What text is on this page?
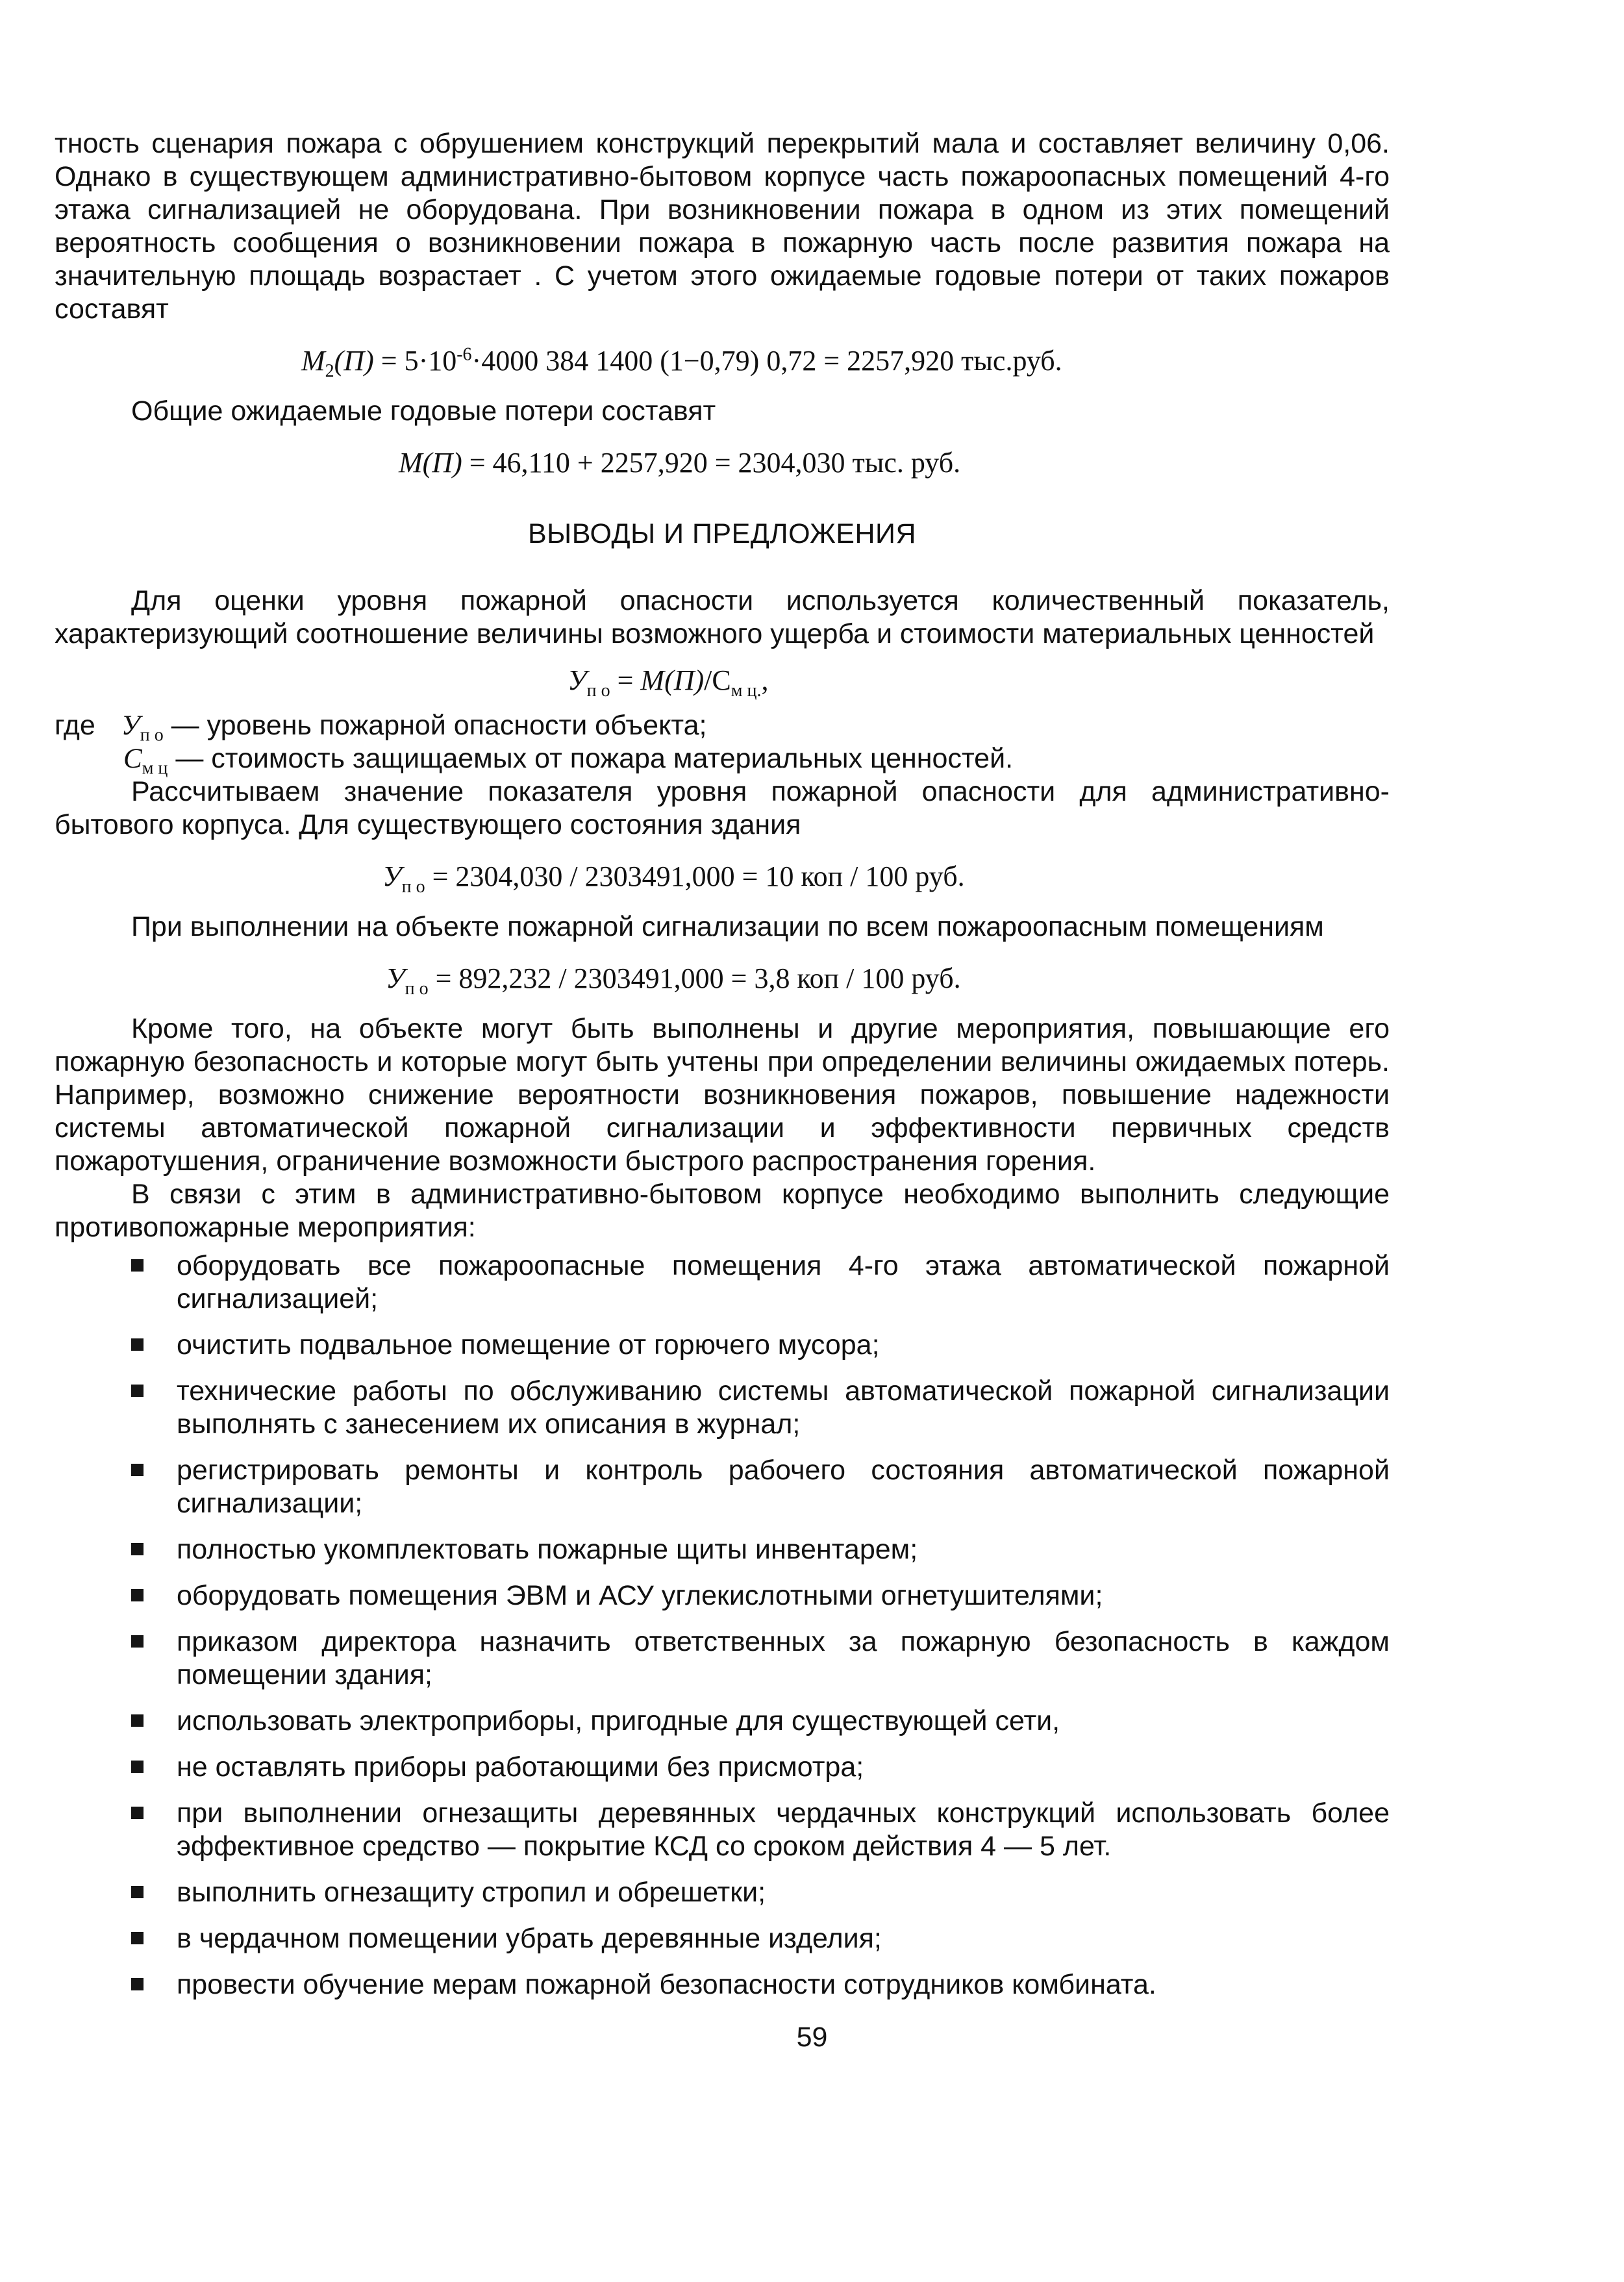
тность сценария пожара с обрушением конструкций перекрытий мала и составляет величину 0,06. Однако в существующем административно-бытовом корпусе часть пожароопасных помещений 4-го этажа сигнализацией не оборудована. При возникновении пожара в одном из этих помещений вероятность сообщения о возникновении пожара в пожарную часть после развития пожара на значительную площадь возрастает . С учетом этого ожидаемые годовые потери от таких пожаров составят

$M_2(П) = 5\cdot 10^{-6}\cdot 4000$ 384 1400 (1−0,79) 0,72 = 2257,920 тыс.руб.

Общие ожидаемые годовые потери составят

M(П) = 46,110 + 2257,920 = 2304,030 тыс. руб.
ВЫВОДЫ И ПРЕДЛОЖЕНИЯ

Для оценки уровня пожарной опасности используется количественный показатель, характеризующий соотношение величины возможного ущерба и стоимости материальных ценностей

$У_{п о} = M(П)/С_{м ц.}$,
где $У_{п о}$ — уровень пожарной опасности объекта;
$С_{м ц}$ — стоимость защищаемых от пожара материальных ценностей.

Рассчитываем значение показателя уровня пожарной опасности для административно-бытового корпуса. Для существующего состояния здания

$У_{п о} = 2304,030 / 2303491,000 = 10$ коп / 100 руб.

При выполнении на объекте пожарной сигнализации по всем пожароопасным помещениям

$У_{п о} = 892,232 / 2303491,000 = 3,8$ коп / 100 руб.

Кроме того, на объекте могут быть выполнены и другие мероприятия, повышающие его пожарную безопасность и которые могут быть учтены при определении величины ожидаемых потерь. Например, возможно снижение вероятности возникновения пожаров, повышение надежности системы автоматической пожарной сигнализации и эффективности первичных средств пожаротушения, ограничение возможности быстрого распространения горения.

В связи с этим в административно-бытовом корпусе необходимо выполнить следующие противопожарные мероприятия:

оборудовать все пожароопасные помещения 4-го этажа автоматической пожарной сигнализацией;
очистить подвальное помещение от горючего мусора;
технические работы по обслуживанию системы автоматической пожарной сигнализации выполнять с занесением их описания в журнал;
регистрировать ремонты и контроль рабочего состояния автоматической пожарной сигнализации;
полностью укомплектовать пожарные щиты инвентарем;
оборудовать помещения ЭВМ и АСУ углекислотными огнетушителями;
приказом директора назначить ответственных за пожарную безопасность в каждом помещении здания;
использовать электроприборы, пригодные для существующей сети,
не оставлять приборы работающими без присмотра;
при выполнении огнезащиты деревянных чердачных конструкций использовать более эффективное средство — покрытие КСД со сроком действия 4 — 5 лет.
выполнить огнезащиту стропил и обрешетки;
в чердачном помещении убрать деревянные изделия;
провести обучение мерам пожарной безопасности сотрудников комбината.
59
